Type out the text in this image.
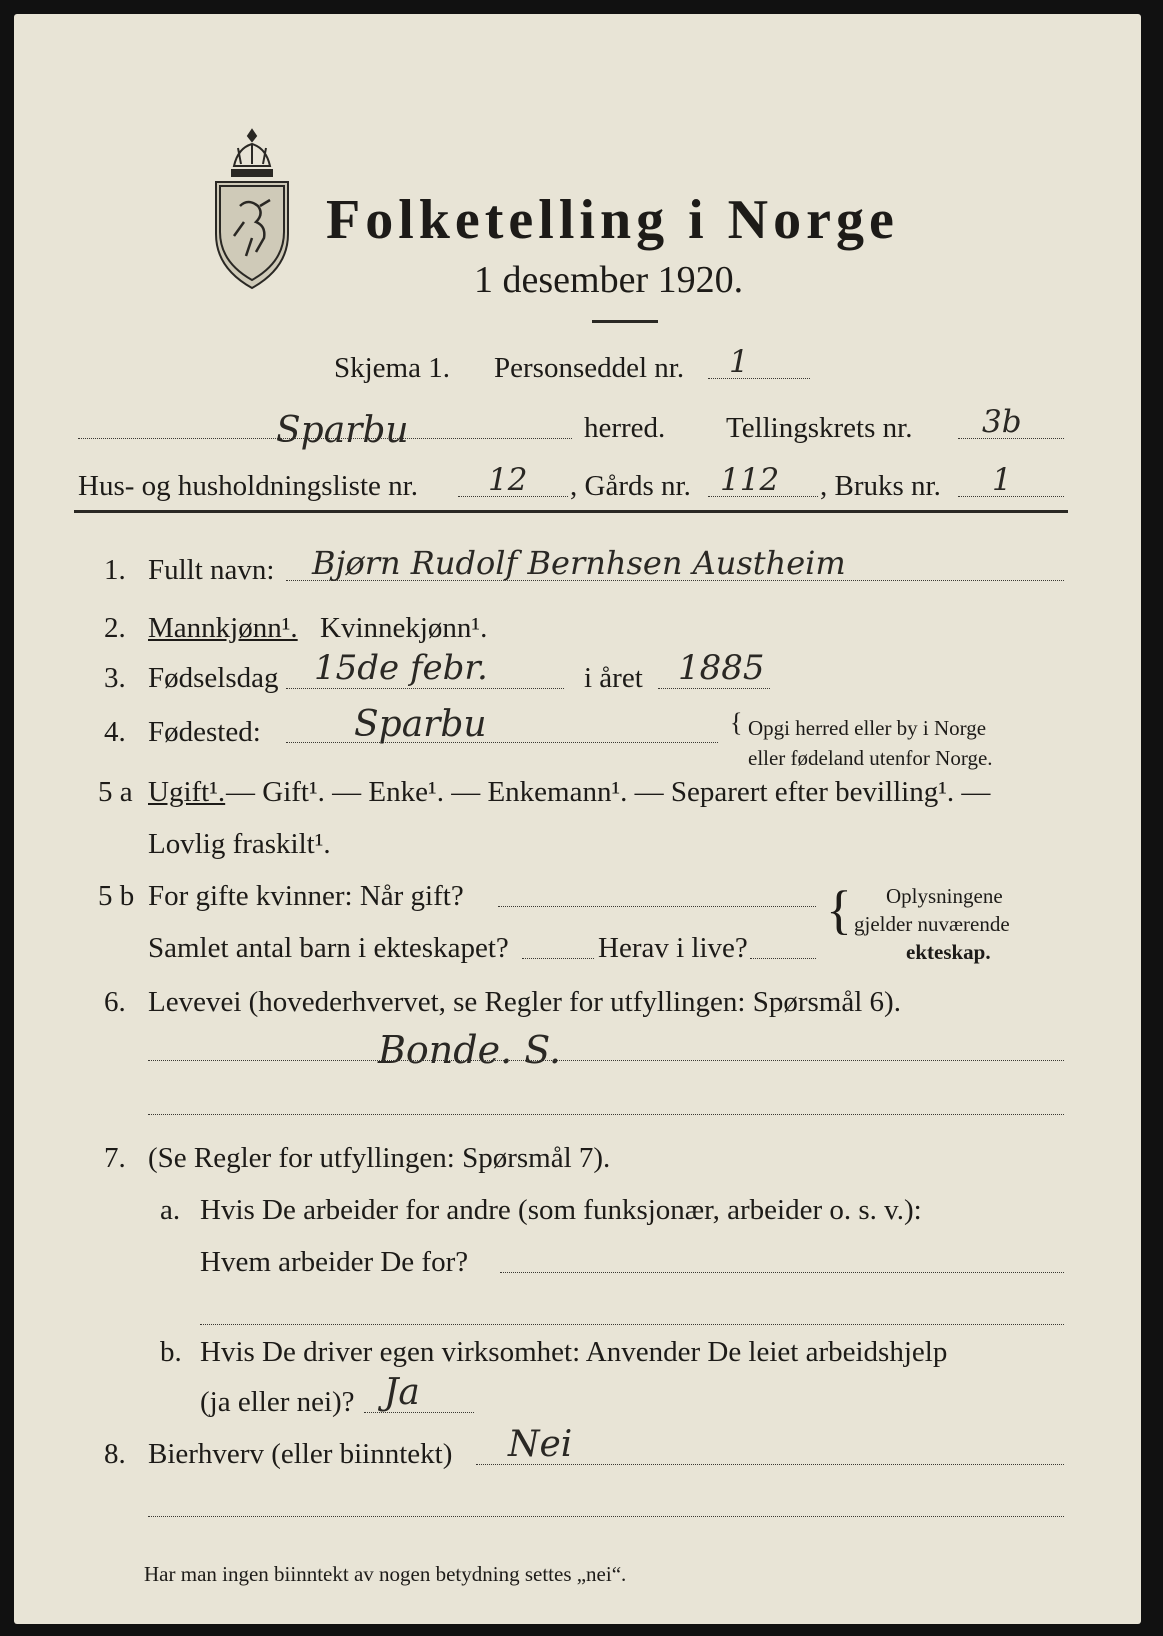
Folketelling i Norge
1 desember 1920.
Skjema 1. Personseddel nr. 1
Sparbu	herred. Tellingskrets nr. 3b
Hus- og husholdningsliste nr. 12 , Gårds nr. 112 , Bruks nr. 1
1. Fullt navn: Bjørn Rudolf Bernhsen Austheim
2. Mannkjønn¹. Kvinnekjønn¹.
3. Fødselsdag 15de febr.	i året 1885
4. Fødested:	Sparbu	{ Opgi herred eller by i Norge
eller fødeland utenfor Norge.
5 a Ugift¹. — Gift¹. — Enke¹. — Enkemann¹. — Separert efter bevilling¹. —
Lovlig fraskilt¹.
5 b For gifte kvinner: Når gift?
Samlet antal barn i ekteskapet?	Herav i live?
{ Oplysningene
gjelder nuværende
ekteskap.
6. Levevei (hovederhvervet, se Regler for utfyllingen: Spørsmål 6).
Bonde. S.
7. (Se Regler for utfyllingen: Spørsmål 7).
a. Hvis De arbeider for andre (som funksjonær, arbeider o. s. v.):
Hvem arbeider De for?
b. Hvis De driver egen virksomhet: Anvender De leiet arbeidshjelp
(ja eller nei)? Ja
8. Bierhverv (eller biinntekt) Nei
Har man ingen biinntekt av nogen betydning settes „nei“.
